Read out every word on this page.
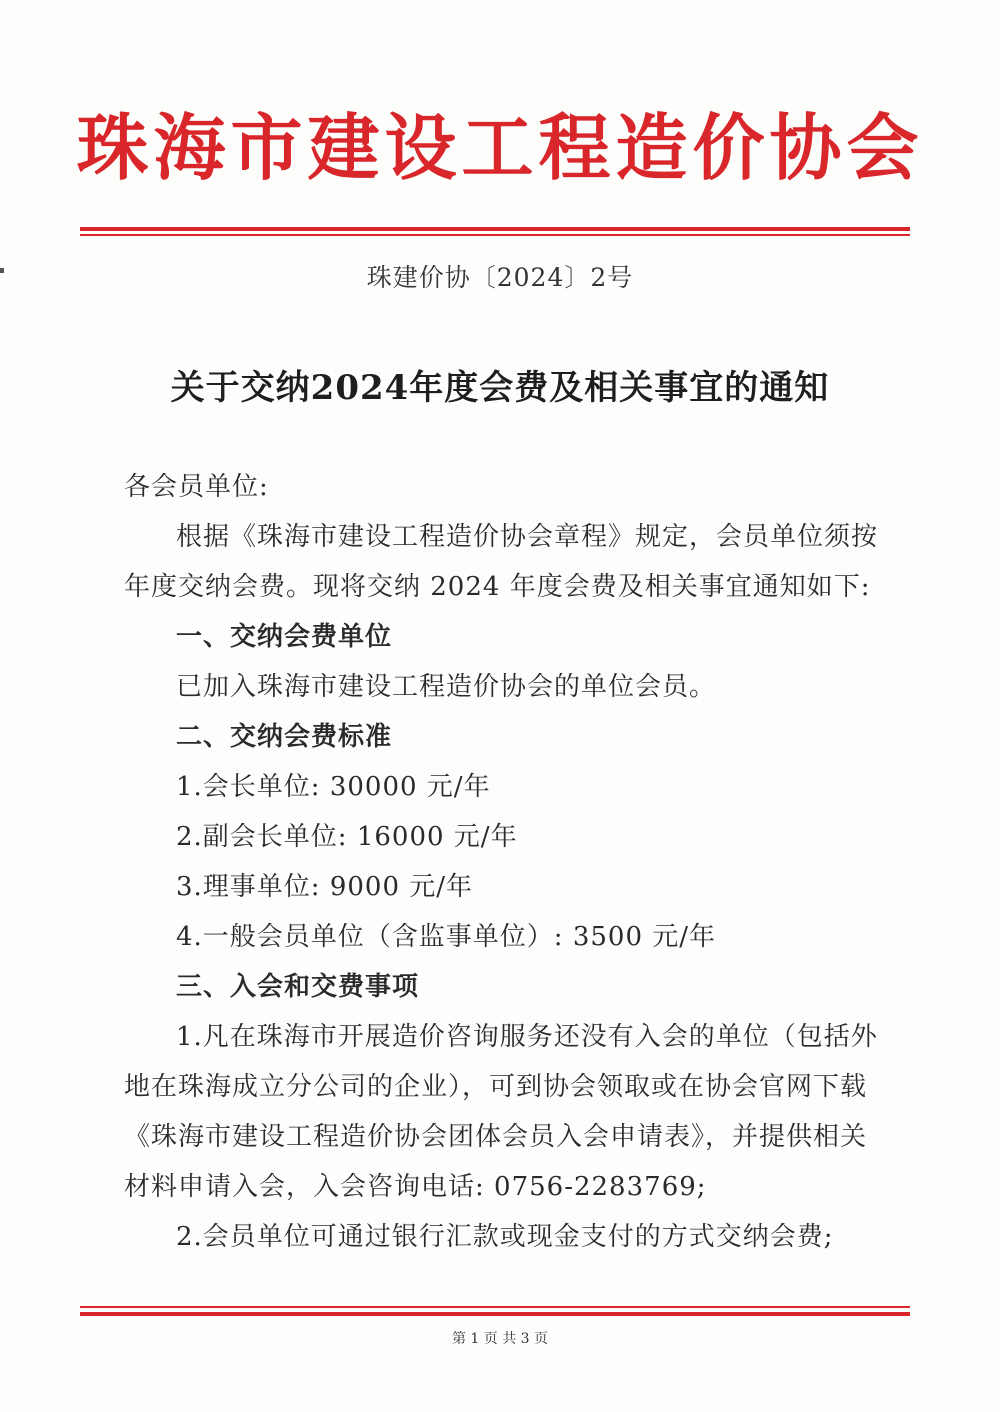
珠海市建设工程造价协会
珠建价协〔2024〕2号
关于交纳2024年度会费及相关事宜的通知

各会员单位:

根据《珠海市建设工程造价协会章程》规定，会员单位须按

年度交纳会费。现将交纳 2024 年度会费及相关事宜通知如下:

一、交纳会费单位

已加入珠海市建设工程造价协会的单位会员。

二、交纳会费标准

1.会长单位: 30000 元/年

2.副会长单位: 16000 元/年

3.理事单位: 9000 元/年

4.一般会员单位（含监事单位）: 3500 元/年

三、入会和交费事项

1.凡在珠海市开展造价咨询服务还没有入会的单位（包括外

地在珠海成立分公司的企业），可到协会领取或在协会官网下载

《珠海市建设工程造价协会团体会员入会申请表》，并提供相关

材料申请入会，入会咨询电话: 0756-2283769;

2.会员单位可通过银行汇款或现金支付的方式交纳会费;

第 1 页 共 3 页
